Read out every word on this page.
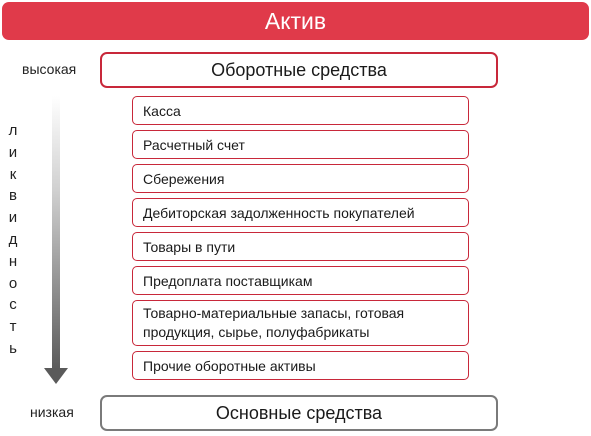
Актив
высокая	Оборотные средства
л
и
к
в
и
д
н
о
с
т
ь
Касса
Расчетный счет
Сбережения
Дебиторская задолженность покупателей
Товары в пути
Предоплата поставщикам
Товарно-материальные запасы, готовая продукция, сырье, полуфабрикаты
Прочие оборотные активы
низкая	Основные средства
